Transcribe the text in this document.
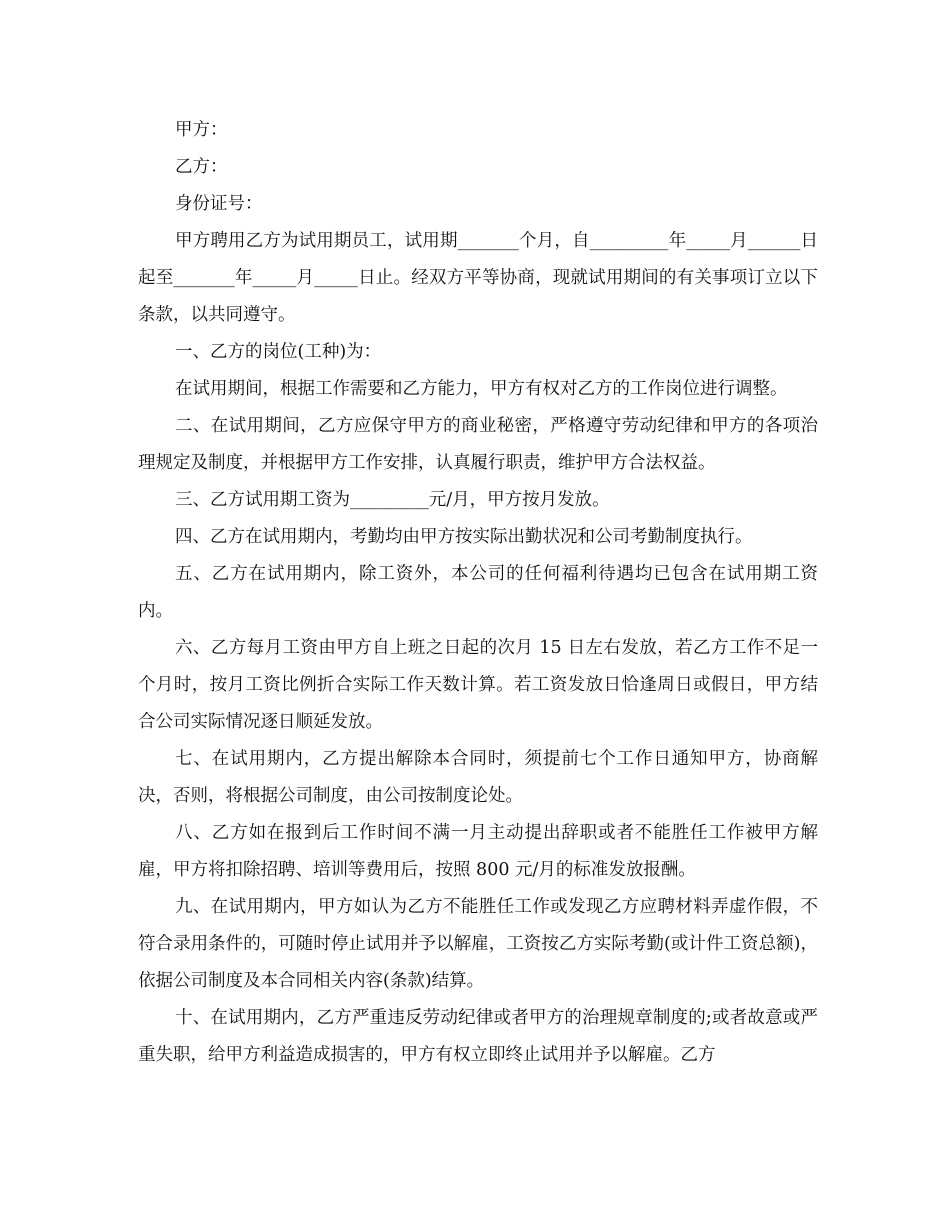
甲方：

乙方：

身份证号：

甲方聘用乙方为试用期员工，试用期_______个月，自_________年_____月______日起至_______年_____月_____日止。经双方平等协商，现就试用期间的有关事项订立以下条款，以共同遵守。

一、乙方的岗位(工种)为：

在试用期间，根据工作需要和乙方能力，甲方有权对乙方的工作岗位进行调整。

二、在试用期间，乙方应保守甲方的商业秘密，严格遵守劳动纪律和甲方的各项治理规定及制度，并根据甲方工作安排，认真履行职责，维护甲方合法权益。

三、乙方试用期工资为_________元/月，甲方按月发放。

四、乙方在试用期内，考勤均由甲方按实际出勤状况和公司考勤制度执行。

五、乙方在试用期内，除工资外，本公司的任何福利待遇均已包含在试用期工资内。

六、乙方每月工资由甲方自上班之日起的次月 15 日左右发放，若乙方工作不足一个月时，按月工资比例折合实际工作天数计算。若工资发放日恰逢周日或假日，甲方结合公司实际情况逐日顺延发放。

七、在试用期内，乙方提出解除本合同时，须提前七个工作日通知甲方，协商解决，否则，将根据公司制度，由公司按制度论处。

八、乙方如在报到后工作时间不满一月主动提出辞职或者不能胜任工作被甲方解雇，甲方将扣除招聘、培训等费用后，按照 800 元/月的标准发放报酬。

九、在试用期内，甲方如认为乙方不能胜任工作或发现乙方应聘材料弄虚作假，不符合录用条件的，可随时停止试用并予以解雇，工资按乙方实际考勤(或计件工资总额)，依据公司制度及本合同相关内容(条款)结算。

十、在试用期内，乙方严重违反劳动纪律或者甲方的治理规章制度的;或者故意或严重失职，给甲方利益造成损害的，甲方有权立即终止试用并予以解雇。乙方
